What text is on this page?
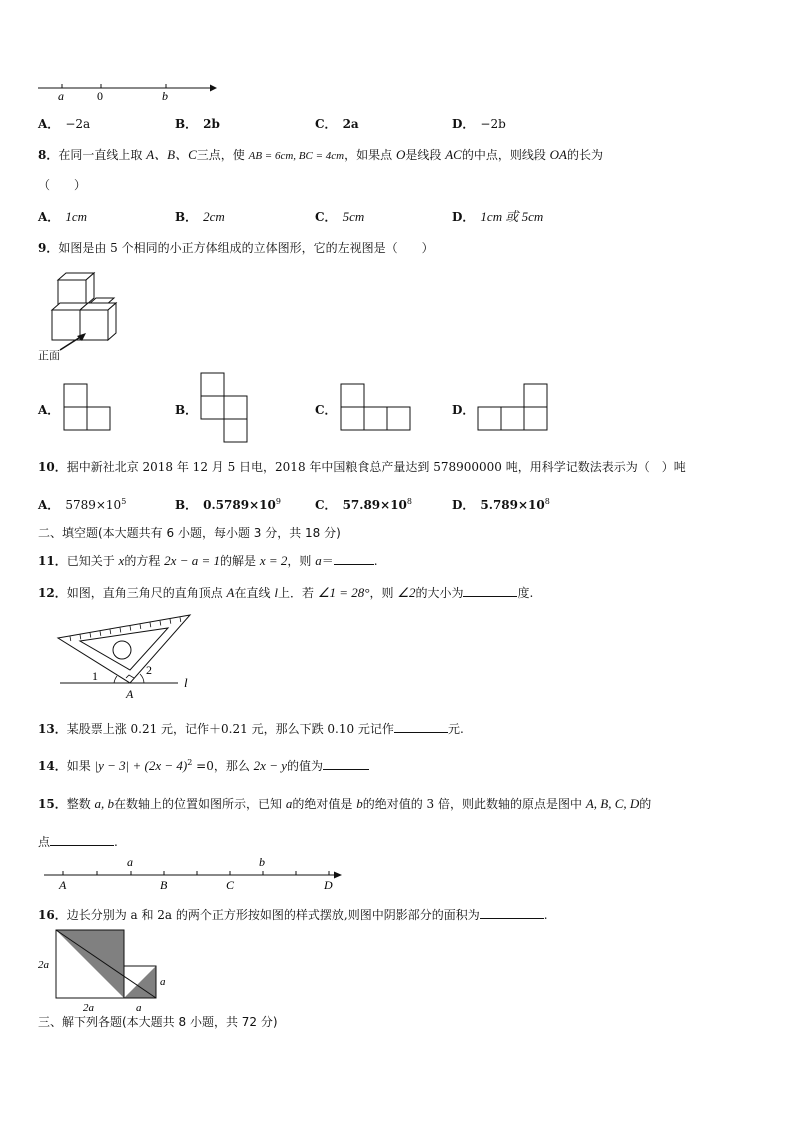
a	0	b
A． −2a	B． 2b	C． 2a	D． −2b
8．在同一直线上取 A、B、C三点，使 AB = 6cm, BC = 4cm，如果点 O是线段 AC的中点，则线段 OA的长为
（　　）
A． 1cm	B． 2cm	C． 5cm	D． 1cm 或 5cm
9．如图是由 5 个相同的小正方体组成的立体图形，它的左视图是（　　）
正面
A．	B．	C．	D．
10．据中新社北京 2018 年 12 月 5 日电，2018 年中国粮食总产量达到 578900000 吨，用科学记数法表示为（　）吨
A． $5789\times 10^5$	B． $0.5789\times 10^9$	C． $57.89\times 10^8$	D． $5.789\times 10^8$
二、填空题(本大题共有 6 小题，每小题 3 分，共 18 分)
11．已知关于 x的方程 2x − a = 1的解是 x = 2，则 a＝	.
12．如图，直角三角尺的直角顶点 A在直线 l上．若 ∠1 = 28°，则 ∠2的大小为	度.
1	2
A
l
13．某股票上涨 0.21 元，记作＋0.21 元，那么下跌 0.10 元记作	元.
14．如果 $|y - 3| + (2x - 4)^2 =0$，那么 2x − y的值为
15．整数 a, b在数轴上的位置如图所示，已知 a的绝对值是 b的绝对值的 3 倍，则此数轴的原点是图中 A, B, C, D的
点	.
a	b
A	B	C	D
16．边长分别为 a 和 2a 的两个正方形按如图的样式摆放,则图中阴影部分的面积为	.
2a
2a	a
a
三、解下列各题(本大题共 8 小题，共 72 分)
